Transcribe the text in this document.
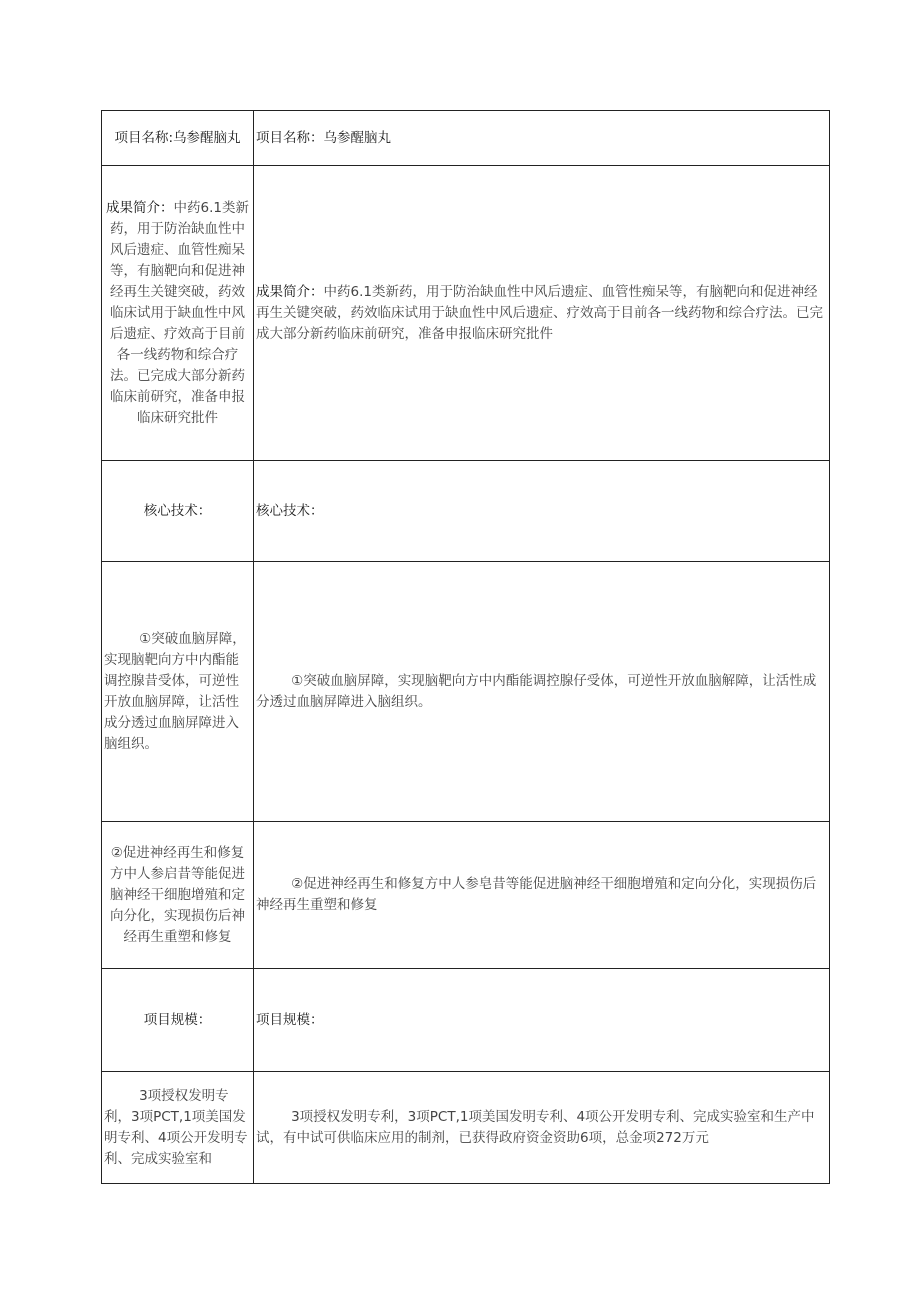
项目名称:乌参醒脑丸	项目名称：乌参醒脑丸
成果简介：中药6.1类新药，用于防治缺血性中风后遗症、血管性痴呆等，有脑靶向和促进神经再生关键突破，药效临床试用于缺血性中风后遗症、疗效高于目前各一线药物和综合疗法。已完成大部分新药临床前研究，准备申报临床研究批件	成果简介：中药6.1类新药，用于防治缺血性中风后遗症、血管性痴呆等，有脑靶向和促进神经再生关键突破，药效临床试用于缺血性中风后遗症、疗效高于目前各一线药物和综合疗法。已完成大部分新药临床前研究，准备申报临床研究批件
核心技术：	核心技术：
①突破血脑屏障，实现脑靶向方中内酯能调控腺昔受体，可逆性开放血脑屏障，让活性成分透过血脑屏障进入脑组织。	①突破血脑屏障，实现脑靶向方中内酯能调控腺仔受体，可逆性开放血脑解障，让活性成分透过血脑屏障进入脑组织。
②促进神经再生和修复方中人参启昔等能促进脑神经干细胞增殖和定向分化，实现损伤后神经再生重塑和修复	②促进神经再生和修复方中人参皂昔等能促进脑神经干细胞增殖和定向分化，实现损伤后神经再生重塑和修复
项目规模：	项目规模：
3项授权发明专利，3项PCT,1项美国发明专利、4项公开发明专利、完成实验室和	3项授权发明专利，3项PCT,1项美国发明专利、4项公开发明专利、完成实验室和生产中试，有中试可供临床应用的制剂，已获得政府资金资助6项，总金项272万元
